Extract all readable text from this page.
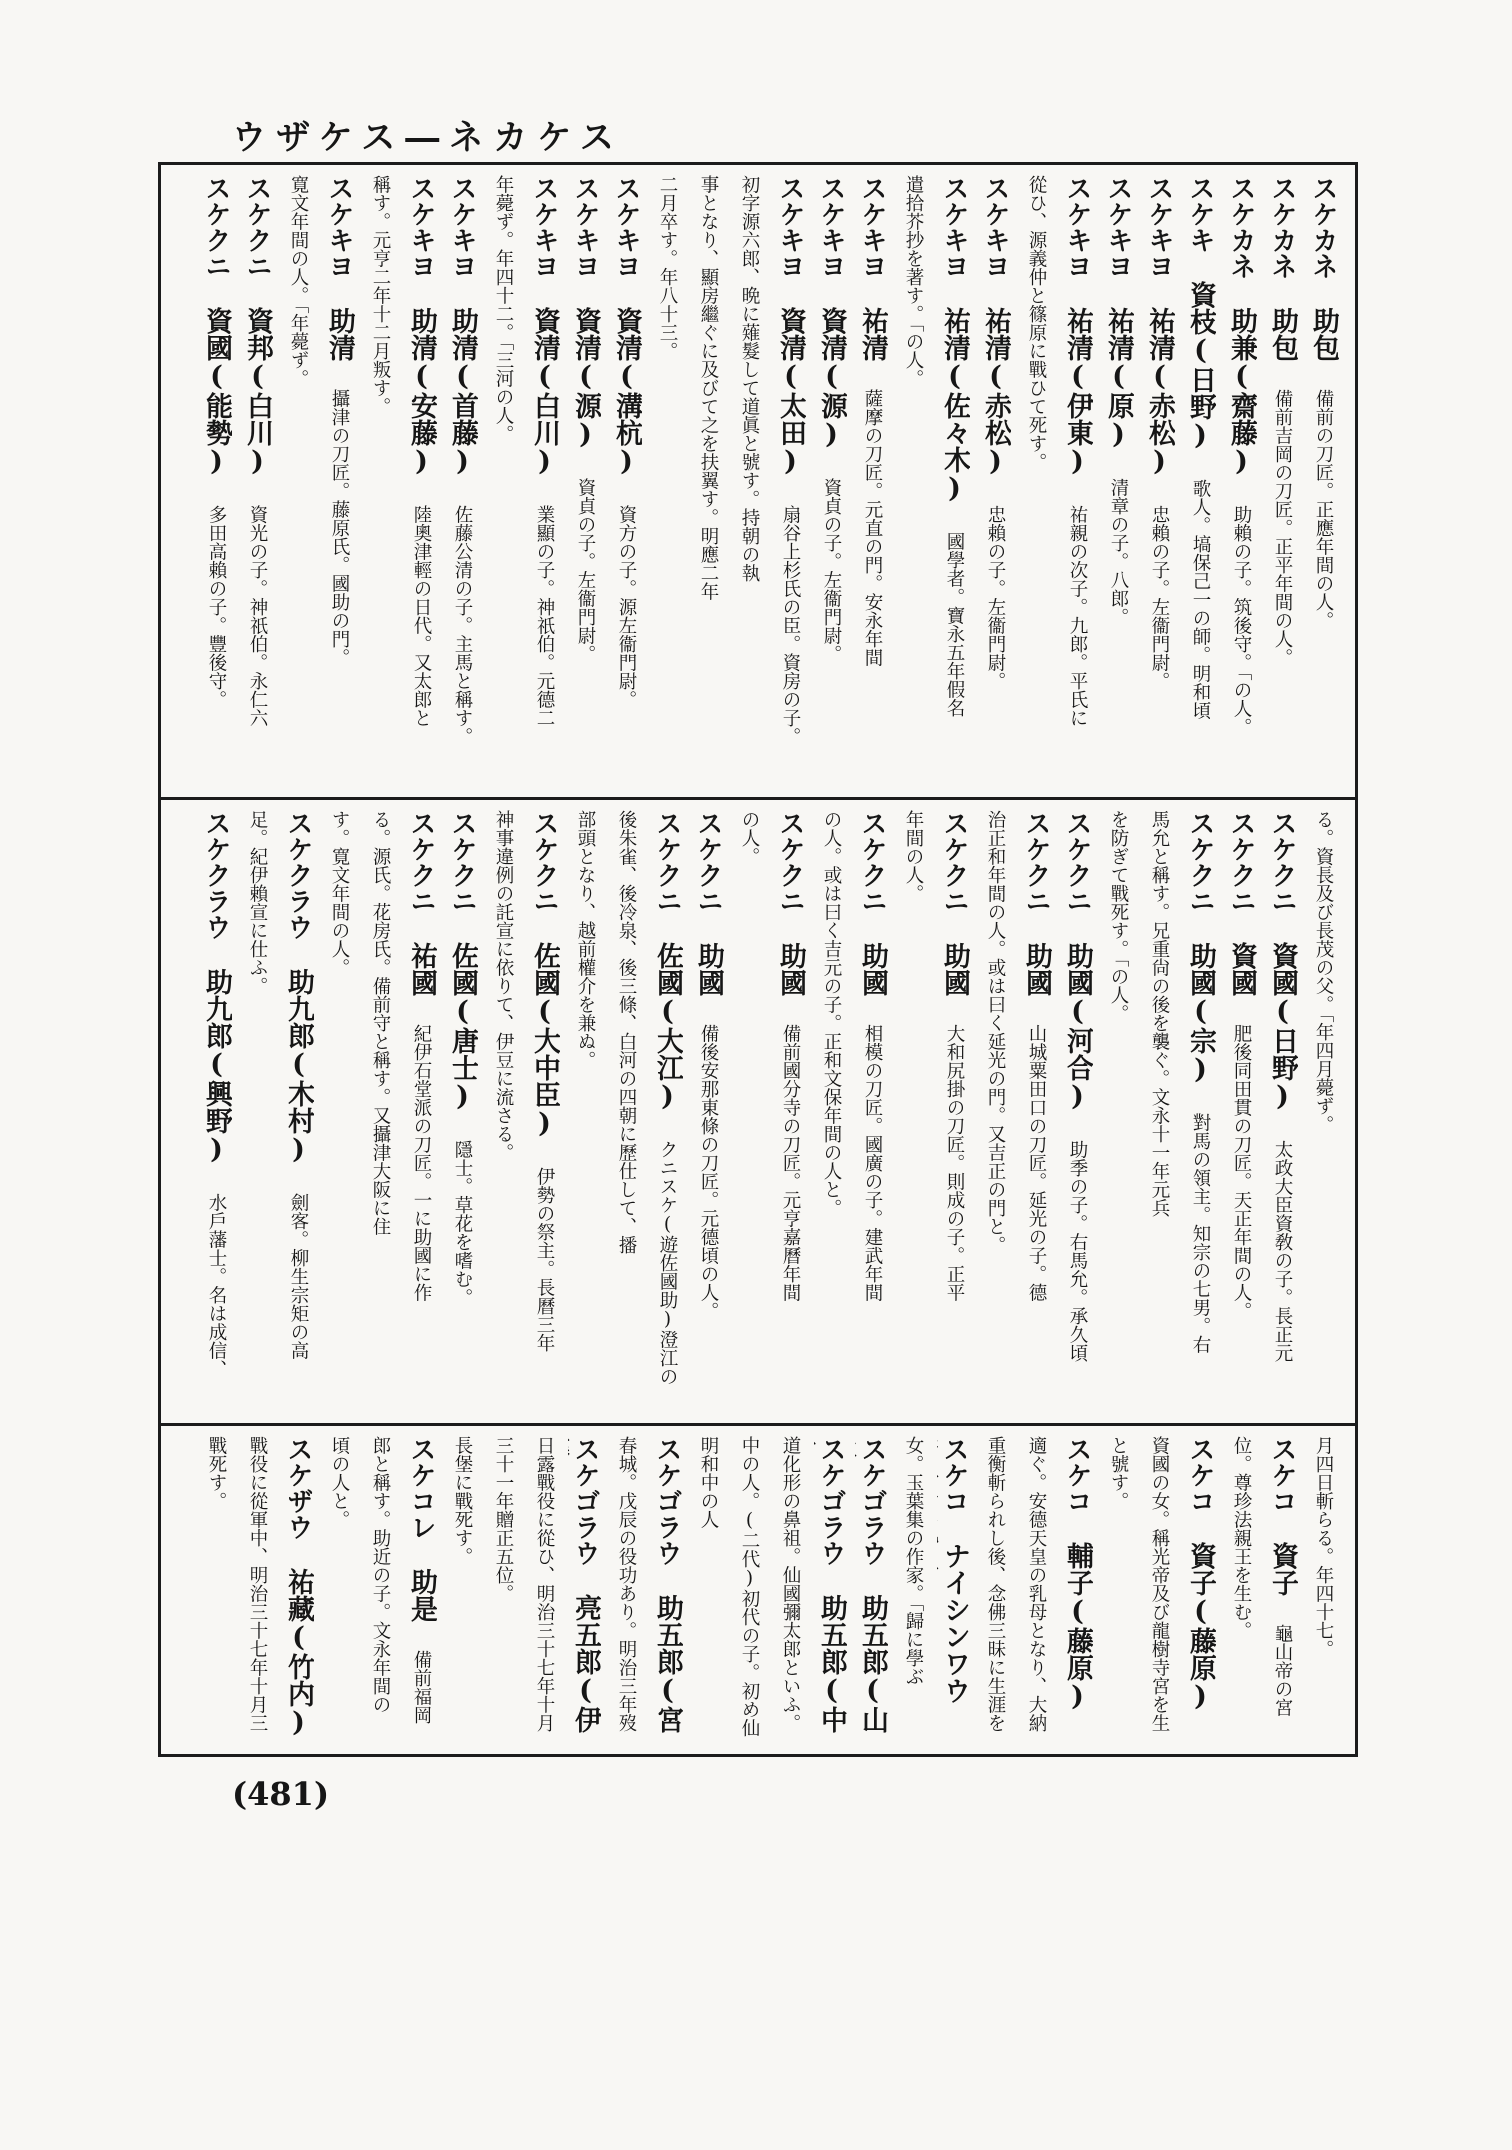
ウザケス―ネカケス
スケカネ 助包 備前の刀匠。正應年間の人。スケカネ 助包 備前吉岡の刀匠。正平年間の人。スケカネ 助兼(齋藤) 助賴の子。筑後守。「の人。スケキ 資枝(日野) 歌人。塙保己一の師。明和頃スケキヨ 祐清(赤松) 忠賴の子。左衞門尉。スケキヨ 祐清(原) 清章の子。八郎。スケキヨ 祐清(伊東) 祐親の次子。九郎。平氏に從ひ、源義仲と篠原に戰ひて死す。スケキヨ 祐清(赤松) 忠賴の子。左衞門尉。スケキヨ 祐清(佐々木) 國學者。寶永五年假名遣拾芥抄を著す。「の人。スケキヨ 祐清 薩摩の刀匠。元直の門。安永年間スケキヨ 資清(源) 資貞の子。左衞門尉。スケキヨ 資清(太田) 扇谷上杉氏の臣。資房の子。初字源六郎、晩に薙髮して道眞と號す。持朝の執事となり、顯房繼ぐに及びて之を扶翼す。明應二年二月卒す。年八十三。スケキヨ 資清(溝杭) 資方の子。源左衞門尉。スケキヨ 資清(源) 資貞の子。左衞門尉。スケキヨ 資清(白川) 業顯の子。神祇伯。元德二年薨ず。年四十二。「三河の人。スケキヨ 助清(首藤) 佐藤公清の子。主馬と稱す。スケキヨ 助清(安藤) 陸奧津輕の日代。又太郎と稱す。元亨二年十二月叛す。スケキヨ 助清 攝津の刀匠。藤原氏。國助の門。寛文年間の人。「年薨ず。スケクニ 資邦(白川) 資光の子。神祇伯。永仁六スケクニ 資國(能勢) 多田高賴の子。豐後守。
る。資長及び長茂の父。「年四月薨ず。スケクニ 資國(日野) 太政大臣資敎の子。長正元スケクニ 資國 肥後同田貫の刀匠。天正年間の人。スケクニ 助國(宗) 對馬の領主。知宗の七男。右馬允と稱す。兄重尙の後を襲ぐ。文永十一年元兵を防ぎて戰死す。「の人。スケクニ 助國(河合) 助季の子。右馬允。承久頃スケクニ 助國 山城粟田口の刀匠。延光の子。德治正和年間の人。或は曰く延光の門。又吉正の門と。スケクニ 助國 大和尻掛の刀匠。則成の子。正平年間の人。スケクニ 助國 相模の刀匠。國廣の子。建武年間の人。或は曰く吉元の子。正和文保年間の人と。スケクニ 助國 備前國分寺の刀匠。元亨嘉曆年間の人。スケクニ 助國 備後安那東條の刀匠。元德頃の人。スケクニ 佐國(大江) クニスケ(遊佐國助)澄江の後朱雀、後冷泉、後三條、白河の四朝に歷仕して、播部頭となり、越前權介を兼ぬ。スケクニ 佐國(大中臣) 伊勢の祭主。長曆三年神事違例の託宣に依りて、伊豆に流さる。スケクニ 佐國(唐士) 隱士。草花を嗜む。スケクニ 祐國 紀伊石堂派の刀匠。一に助國に作る。源氏。花房氏。備前守と稱す。又攝津大阪に住す。寛文年間の人。スケクラウ 助九郎(木村) 劍客。柳生宗矩の高足。紀伊賴宣に仕ふ。スケクラウ 助九郎(興野) 水戶藩士。名は成信、
月四日斬らる。年四十七。スケコ 資子 龜山帝の宮位。尊珍法親王を生む。スケコ 資子(藤原)資國の女。稱光帝及び龍樹寺宮を生と號す。スケコ 輔子(藤原)適ぐ。安德天皇の乳母となり、大納重衡斬られし後、念佛三昧に生涯をスケコ ナイシンワウ女。玉葉集の作家。「歸に學ぶスケゴラウ 助五郎(山スケゴラウ 助五郎(中道化形の鼻祖。仙國彌太郎といふ。中の人。(二代)初代の子。初め仙明和中の人スケゴラウ 助五郎(宮春城。戊辰の役功あり。明治三年歿スケゴラウ 亮五郎(伊日露戰役に從ひ、明治三十七年十月三十一年贈正五位。長堡に戰死す。スケコレ 助是 備前福岡郎と稱す。助近の子。文永年間の頃の人と。スケザウ 祐藏(竹内)戰役に從軍中、明治三十七年十月三戰死す。
(481)
